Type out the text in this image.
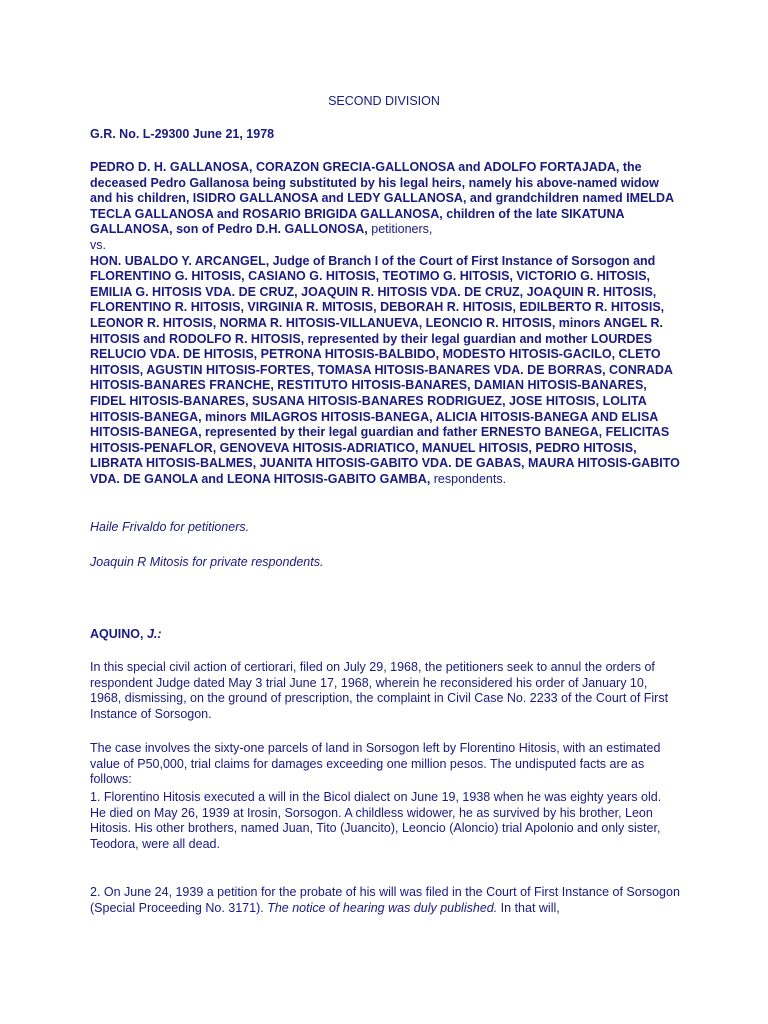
SECOND DIVISION
G.R. No. L-29300 June 21, 1978
PEDRO D. H. GALLANOSA, CORAZON GRECIA-GALLONOSA and ADOLFO FORTAJADA, the deceased Pedro Gallanosa being substituted by his legal heirs, namely his above-named widow and his children, ISIDRO GALLANOSA and LEDY GALLANOSA, and grandchildren named IMELDA TECLA GALLANOSA and ROSARIO BRIGIDA GALLANOSA, children of the late SIKATUNA GALLANOSA, son of Pedro D.H. GALLONOSA, petitioners,
vs.
HON. UBALDO Y. ARCANGEL, Judge of Branch I of the Court of First Instance of Sorsogon and FLORENTINO G. HITOSIS, CASIANO G. HITOSIS, TEOTIMO G. HITOSIS, VICTORIO G. HITOSIS, EMILIA G. HITOSIS VDA. DE CRUZ, JOAQUIN R. HITOSIS VDA. DE CRUZ, JOAQUIN R. HITOSIS, FLORENTINO R. HITOSIS, VIRGINIA R. MITOSIS, DEBORAH R. HITOSIS, EDILBERTO R. HITOSIS, LEONOR R. HITOSIS, NORMA R. HITOSIS-VILLANUEVA, LEONCIO R. HITOSIS, minors ANGEL R. HITOSIS and RODOLFO R. HITOSIS, represented by their legal guardian and mother LOURDES RELUCIO VDA. DE HITOSIS, PETRONA HITOSIS-BALBIDO, MODESTO HITOSIS-GACILO, CLETO HITOSIS, AGUSTIN HITOSIS-FORTES, TOMASA HITOSIS-BANARES VDA. DE BORRAS, CONRADA HITOSIS-BANARES FRANCHE, RESTITUTO HITOSIS-BANARES, DAMIAN HITOSIS-BANARES, FIDEL HITOSIS-BANARES, SUSANA HITOSIS-BANARES RODRIGUEZ, JOSE HITOSIS, LOLITA HITOSIS-BANEGA, minors MILAGROS HITOSIS-BANEGA, ALICIA HITOSIS-BANEGA AND ELISA HITOSIS-BANEGA, represented by their legal guardian and father ERNESTO BANEGA, FELICITAS HITOSIS-PENAFLOR, GENOVEVA HITOSIS-ADRIATICO, MANUEL HITOSIS, PEDRO HITOSIS, LIBRATA HITOSIS-BALMES, JUANITA HITOSIS-GABITO VDA. DE GABAS, MAURA HITOSIS-GABITO VDA. DE GANOLA and LEONA HITOSIS-GABITO GAMBA, respondents.
Haile Frivaldo for petitioners.
Joaquin R Mitosis for private respondents.
AQUINO, J.:
In this special civil action of certiorari, filed on July 29, 1968, the petitioners seek to annul the orders of respondent Judge dated May 3 trial June 17, 1968, wherein he reconsidered his order of January 10, 1968, dismissing, on the ground of prescription, the complaint in Civil Case No. 2233 of the Court of First Instance of Sorsogon.
The case involves the sixty-one parcels of land in Sorsogon left by Florentino Hitosis, with an estimated value of P50,000, trial claims for damages exceeding one million pesos. The undisputed facts are as follows:
1. Florentino Hitosis executed a will in the Bicol dialect on June 19, 1938 when he was eighty years old. He died on May 26, 1939 at Irosin, Sorsogon. A childless widower, he as survived by his brother, Leon Hitosis. His other brothers, named Juan, Tito (Juancito), Leoncio (Aloncio) trial Apolonio and only sister, Teodora, were all dead.
2. On June 24, 1939 a petition for the probate of his will was filed in the Court of First Instance of Sorsogon (Special Proceeding No. 3171). The notice of hearing was duly published. In that will,
